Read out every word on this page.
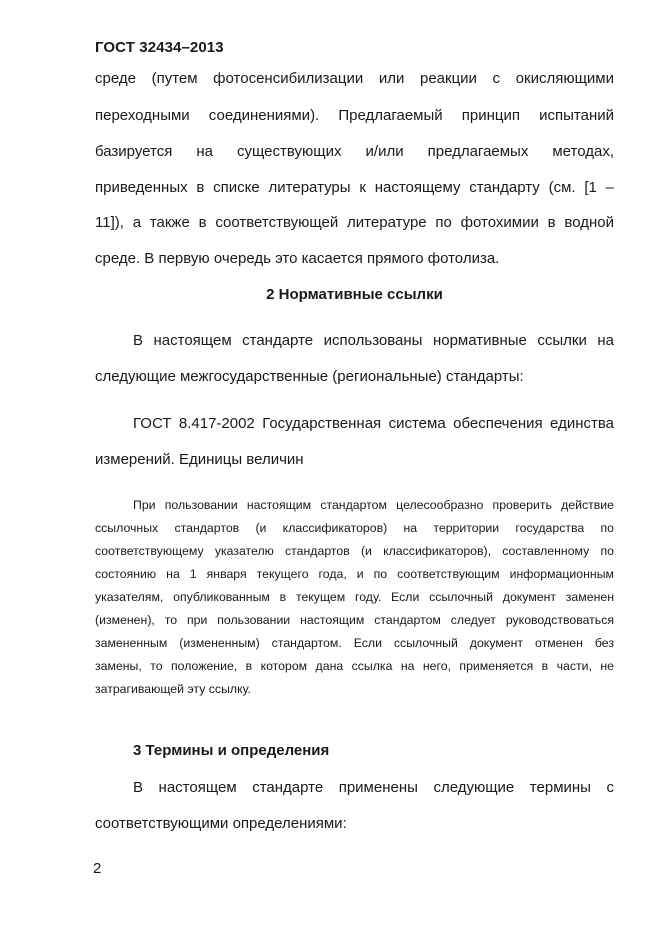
ГОСТ 32434–2013
среде (путем фотосенсибилизации или реакции с окисляющими
переходными соединениями). Предлагаемый принцип испытаний
базируется на существующих и/или предлагаемых методах,
приведенных в списке литературы к настоящему стандарту (см. [1 –
11]), а также в соответствующей литературе по фотохимии в водной
среде. В первую очередь это касается прямого фотолиза.
2 Нормативные ссылки
В настоящем стандарте использованы нормативные ссылки на
следующие межгосударственные (региональные) стандарты:
ГОСТ 8.417-2002 Государственная система обеспечения единства
измерений. Единицы величин
При пользовании настоящим стандартом целесообразно проверить действие
ссылочных стандартов (и классификаторов) на территории государства по
соответствующему указателю стандартов (и классификаторов), составленному по
состоянию на 1 января текущего года, и по соответствующим информационным
указателям, опубликованным в текущем году. Если ссылочный документ заменен
(изменен), то при пользовании настоящим стандартом следует руководствоваться
замененным (измененным) стандартом. Если ссылочный документ отменен без
замены, то положение, в котором дана ссылка на него, применяется в части, не
затрагивающей эту ссылку.
3 Термины и определения
В настоящем стандарте применены следующие термины с
соответствующими определениями:
2
